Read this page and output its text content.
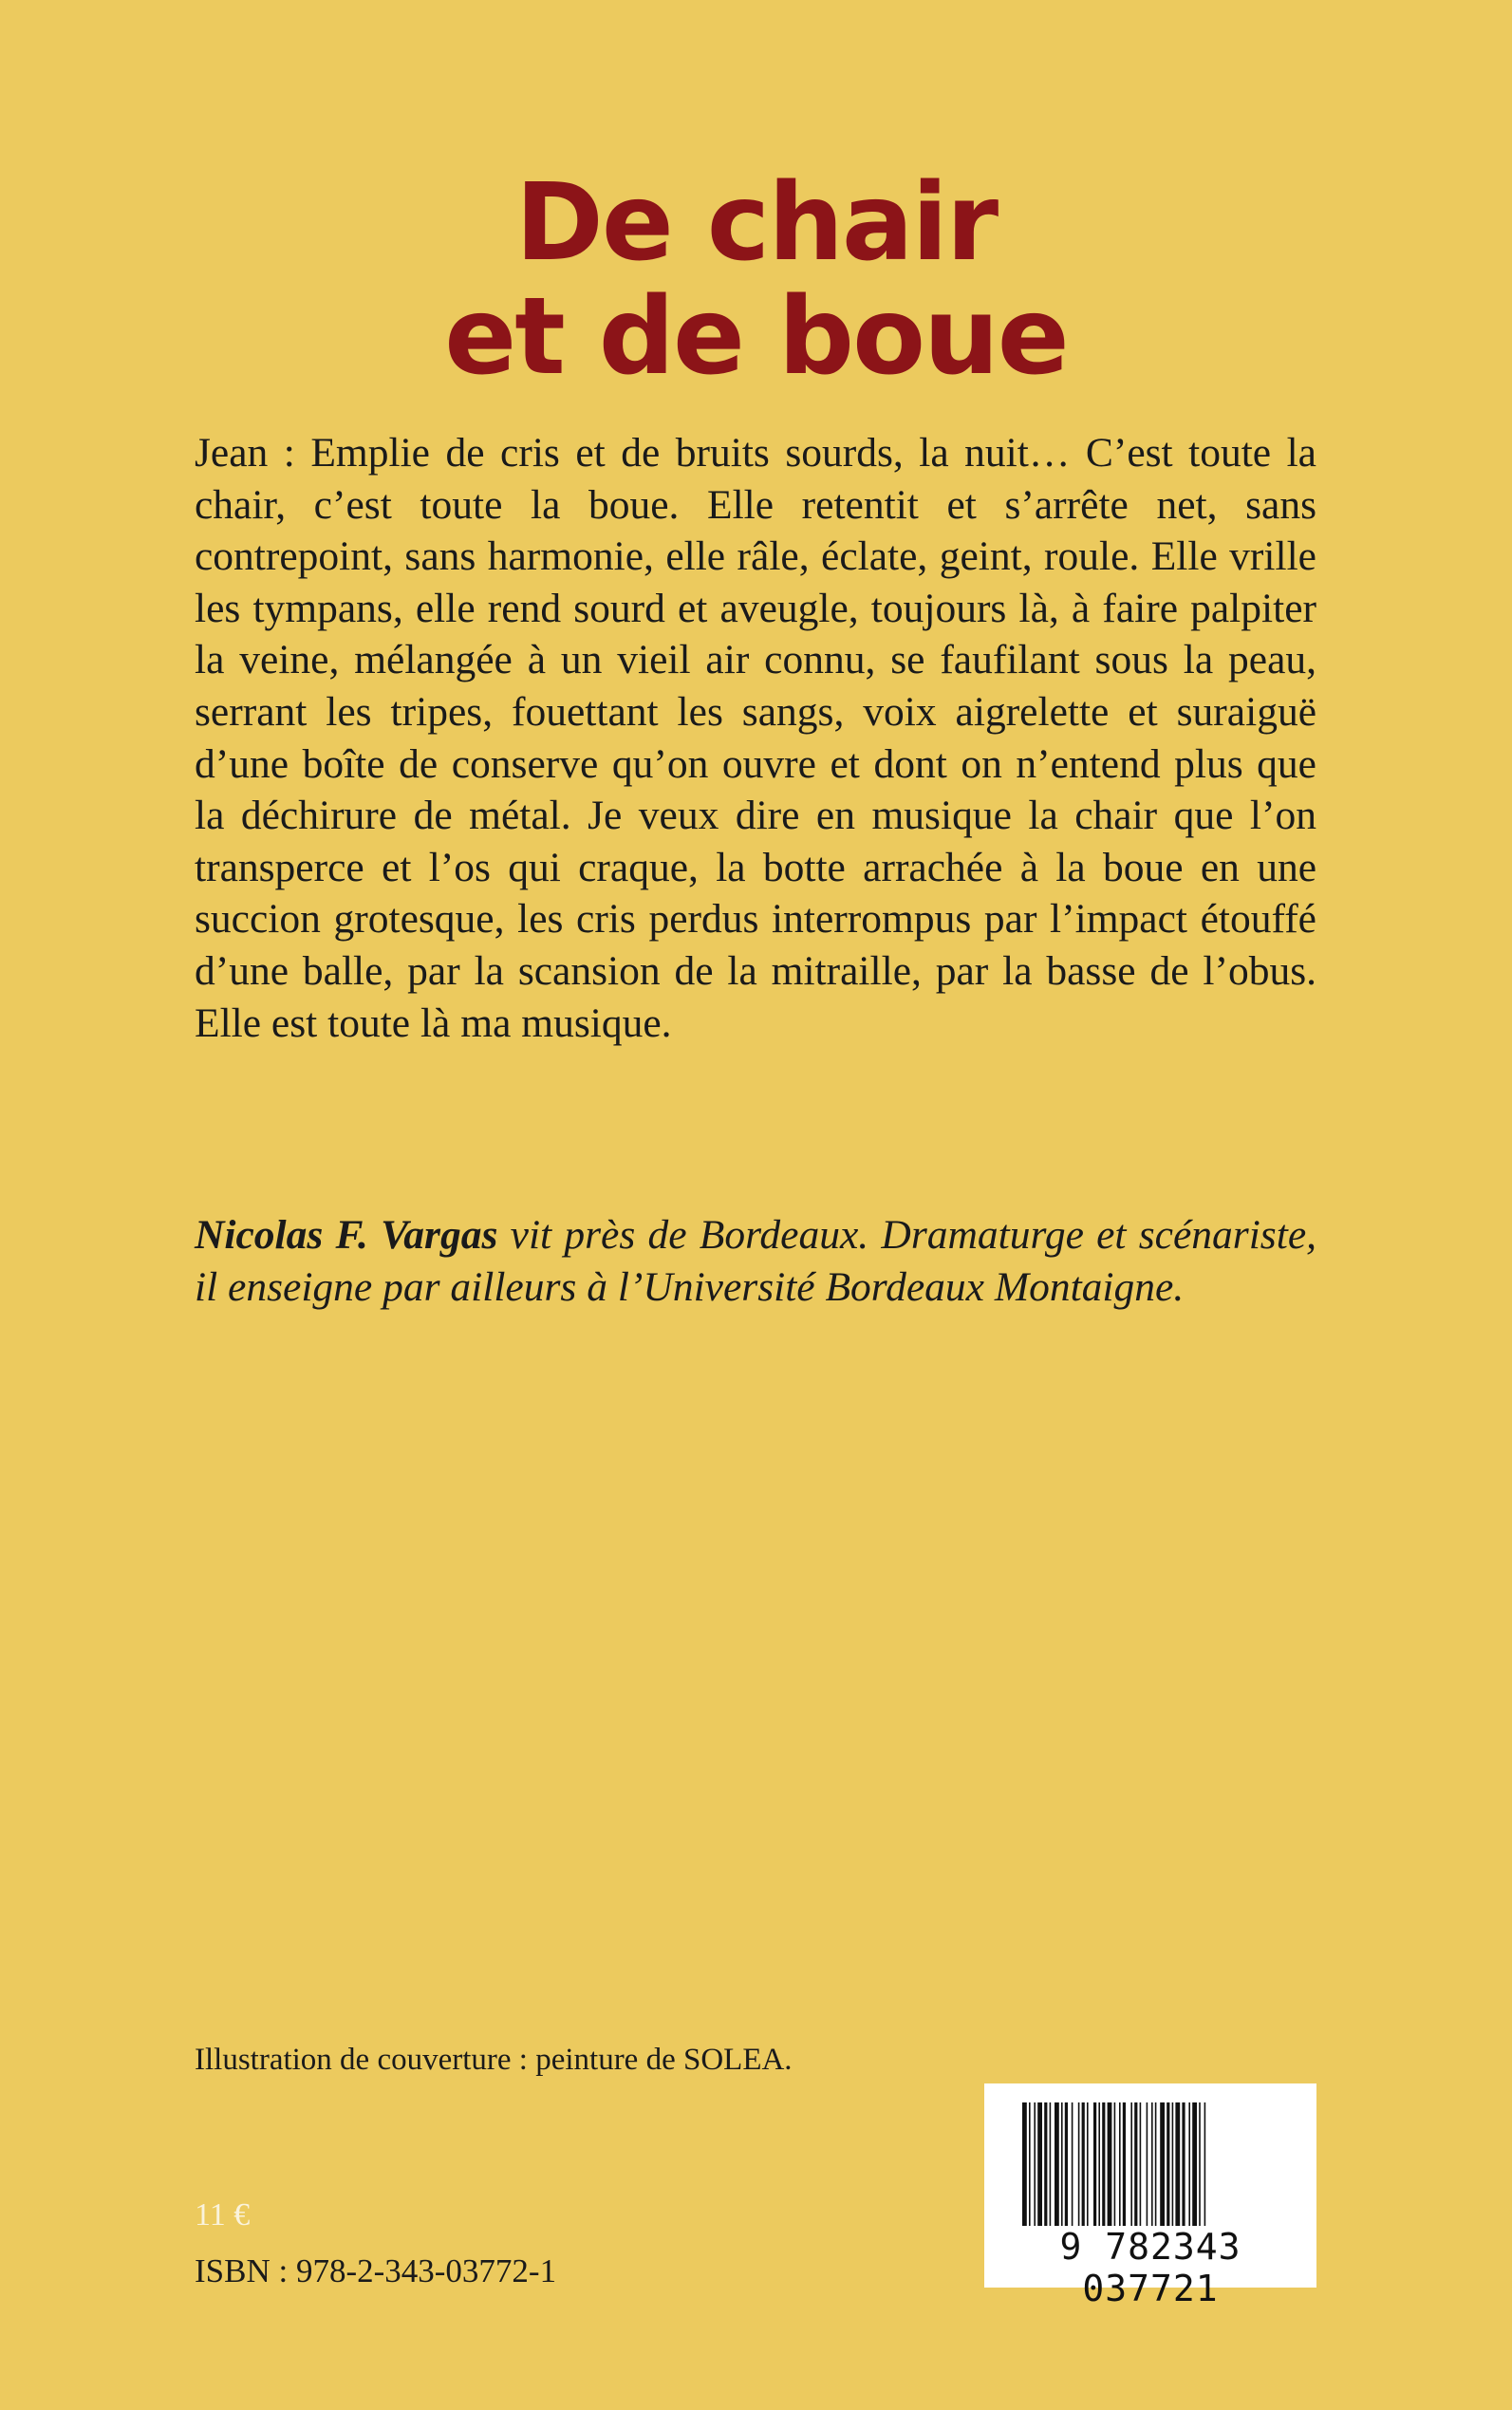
De chair
et de boue

Jean : Emplie de cris et de bruits sourds, la nuit… C’est toute la chair, c’est toute la boue. Elle retentit et s’arrête net, sans contrepoint, sans harmonie, elle râle, éclate, geint, roule. Elle vrille les tympans, elle rend sourd et aveugle, toujours là, à faire palpiter la veine, mélangée à un vieil air connu, se faufilant sous la peau, serrant les tripes, fouettant les sangs, voix aigrelette et suraiguë d’une boîte de conserve qu’on ouvre et dont on n’entend plus que la déchirure de métal. Je veux dire en musique la chair que l’on transperce et l’os qui craque, la botte arrachée à la boue en une succion grotesque, les cris perdus interrompus par l’impact étouffé d’une balle, par la scansion de la mitraille, par la basse de l’obus. Elle est toute là ma musique.

Nicolas F. Vargas vit près de Bordeaux. Dramaturge et scénariste, il enseigne par ailleurs à l’Université Bordeaux Montaigne.

Illustration de couverture : peinture de SOLEA.

11 €

ISBN : 978-2-343-03772-1

9 782343 037721
